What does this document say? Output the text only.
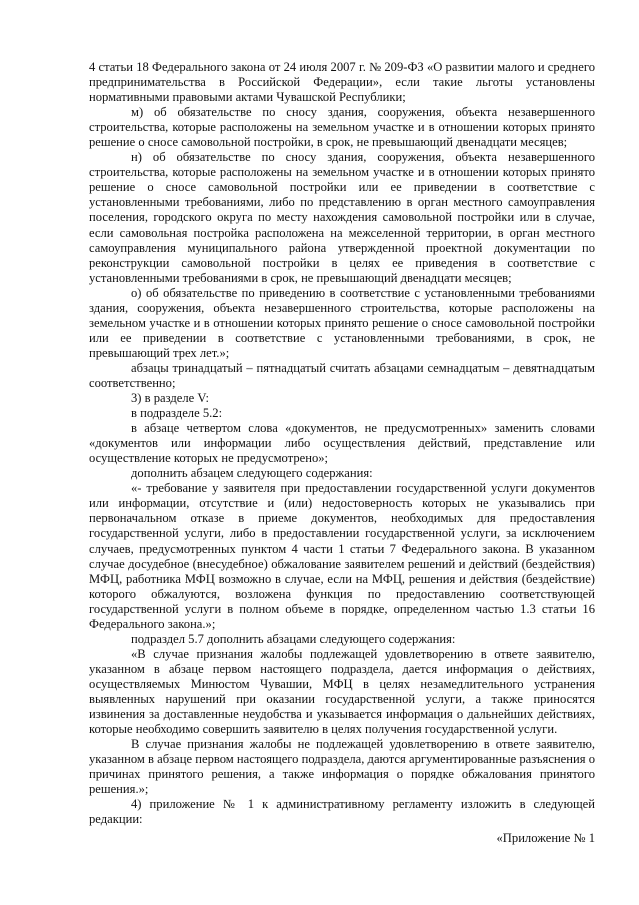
4 статьи 18 Федерального закона от 24 июля 2007 г. № 209-ФЗ «О развитии малого и среднего предпринимательства в Российской Федерации», если такие льготы установлены нормативными правовыми актами Чувашской Республики;

м) об обязательстве по сносу здания, сооружения, объекта незавершенного строительства, которые расположены на земельном участке и в отношении которых принято решение о сносе самовольной постройки, в срок, не превышающий двенадцати месяцев;

н) об обязательстве по сносу здания, сооружения, объекта незавершенного строительства, которые расположены на земельном участке и в отношении которых принято решение о сносе самовольной постройки или ее приведении в соответствие с установленными требованиями, либо по представлению в орган местного самоуправления поселения, городского округа по месту нахождения самовольной постройки или в случае, если самовольная постройка расположена на межселенной территории, в орган местного самоуправления муниципального района утвержденной проектной документации по реконструкции самовольной постройки в целях ее приведения в соответствие с установленными требованиями в срок, не превышающий двенадцати месяцев;

о) об обязательстве по приведению в соответствие с установленными требованиями здания, сооружения, объекта незавершенного строительства, которые расположены на земельном участке и в отношении которых принято решение о сносе самовольной постройки или ее приведении в соответствие с установленными требованиями, в срок, не превышающий трех лет.»;

абзацы тринадцатый – пятнадцатый считать абзацами семнадцатым – девятнадцатым соответственно;

3) в разделе V:

в подразделе 5.2:

в абзаце четвертом слова «документов, не предусмотренных» заменить словами «документов или информации либо осуществления действий, представление или осуществление которых не предусмотрено»;

дополнить абзацем следующего содержания:

«- требование у заявителя при предоставлении государственной услуги документов или информации, отсутствие и (или) недостоверность которых не указывались при первоначальном отказе в приеме документов, необходимых для предоставления государственной услуги, либо в предоставлении государственной услуги, за исключением случаев, предусмотренных пунктом 4 части 1 статьи 7 Федерального закона. В указанном случае досудебное (внесудебное) обжалование заявителем решений и действий (бездействия) МФЦ, работника МФЦ возможно в случае, если на МФЦ, решения и действия (бездействие) которого обжалуются, возложена функция по предоставлению соответствующей государственной услуги в полном объеме в порядке, определенном частью 1.3 статьи 16 Федерального закона.»;

подраздел 5.7 дополнить абзацами следующего содержания:

«В случае признания жалобы подлежащей удовлетворению в ответе заявителю, указанном в абзаце первом настоящего подраздела, дается информация о действиях, осуществляемых Минюстом Чувашии, МФЦ в целях незамедлительного устранения выявленных нарушений при оказании государственной услуги, а также приносятся извинения за доставленные неудобства и указывается информация о дальнейших действиях, которые необходимо совершить заявителю в целях получения государственной услуги.

В случае признания жалобы не подлежащей удовлетворению в ответе заявителю, указанном в абзаце первом настоящего подраздела, даются аргументированные разъяснения о причинах принятого решения, а также информация о порядке обжалования принятого решения.»;

4) приложение № 1 к административному регламенту изложить в следующей редакции:

«Приложение № 1
